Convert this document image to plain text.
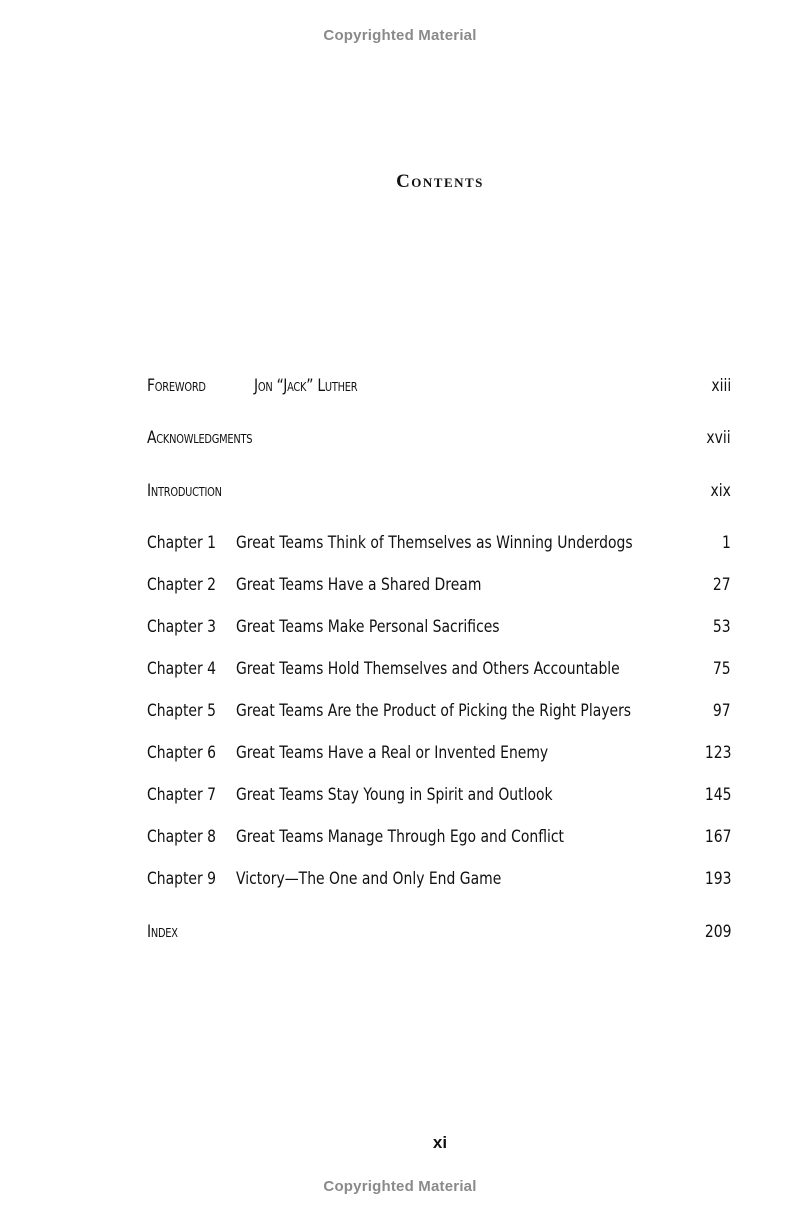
Copyrighted Material
Contents
Foreword	Jon “Jack” Luther	xiii
Acknowledgments	xvii
Introduction	xix
Chapter 1	Great Teams Think of Themselves as Winning Underdogs	1
Chapter 2	Great Teams Have a Shared Dream	27
Chapter 3	Great Teams Make Personal Sacrifices	53
Chapter 4	Great Teams Hold Themselves and Others Accountable	75
Chapter 5	Great Teams Are the Product of Picking the Right Players	97
Chapter 6	Great Teams Have a Real or Invented Enemy	123
Chapter 7	Great Teams Stay Young in Spirit and Outlook	145
Chapter 8	Great Teams Manage Through Ego and Conflict	167
Chapter 9	Victory—The One and Only End Game	193
Index	209
xi
Copyrighted Material
